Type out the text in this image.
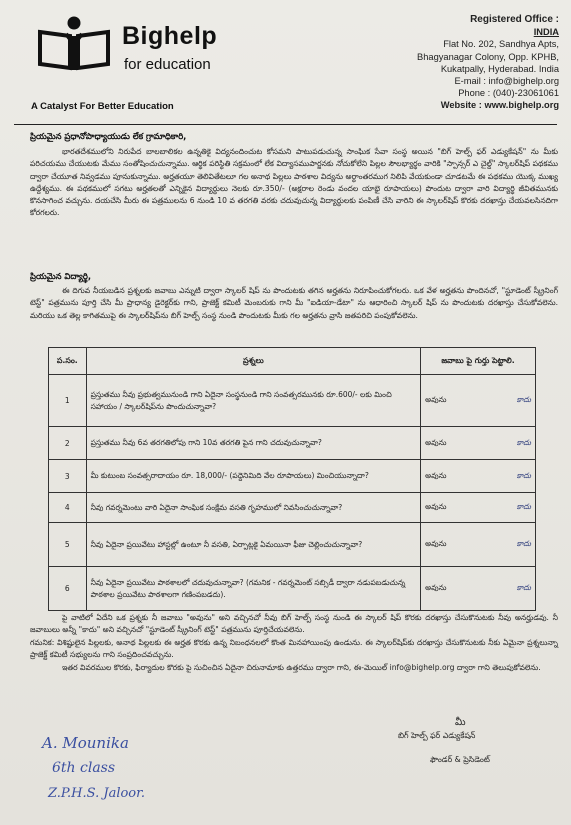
Bighelp
for education
A Catalyst For Better Education
Registered Office :
INDIA
Flat No. 202, Sandhya Apts,
Bhagyanagar Colony, Opp. KPHB,
Kukatpally, Hyderabad. India
E-mail : info@bighelp.org
Phone : (040)-23061061
Website : www.bighelp.org
ప్రియమైన ప్రధానోపాధ్యాయుడు లేక గ్రామాధికారి,
భారతదేశములోని నిరుపేద బాలబాలికల ఉన్నతికై విద్యనందించుట కోసమని పాటుపడుచున్న సాంఘిక సేవా సంస్థ అయిన "బిగ్ హెల్ప్ ఫర్ ఎడ్యుకేషన్" ను మీకు పరిచయము చేయుటకు మేము సంతోషించుచున్నాము. ఆర్థిక పరిస్థితి సక్రమంలో లేక విద్యాసముపార్జనకు నోచుకోలేని పిల్లల సౌలభ్యార్థం వారికి "స్పాన్సర్ ఎ చైల్డ్" స్కాలర్‌షిప్ పథకము ద్వారా చేయూత నివ్వడము పూనుకున్నాము. అర్హతయూ తెలివితేటలూ గల అనాథ పిల్లలు పాఠశాల విద్యను అర్థాంతరముగ నిలిపి వేయకుండా చూడటమే ఈ పథకము యొక్క ముఖ్య ఉద్దేశ్యము. ఈ పథకములో సగటు అర్హతలతో ఎన్నికైన విద్యార్థులు నెలకు రూ.350/- (అక్షరాల రెండు వందల యాభై రూపాయలు) పొందుట ద్వారా వారి విద్యార్థి జీవితమునకు కొనసాగించ వచ్చును. దయచేసి మీరు ఈ పత్రములను 6 నుండి 10 వ తరగతి వరకు చదువుచున్న విద్యార్థులకు పంపిణీ చేసి వారిని ఈ స్కాలర్‌షిప్ కొరకు దరఖాస్తు చేయవలసినదిగా కోరగలరు.
ప్రియమైన విద్యార్థి,
ఈ దిగువ నీయబడిన ప్రశ్నలకు జవాబు ఎన్నుటి ద్వారా స్కాలర్ షిప్ ను పొందుటకు తగిన అర్హతను నిరూపించుకోగలరు. ఒక వేళ అర్హతను పొందినచో, "స్టూడెంట్ స్క్రీనింగ్ టెస్ట్" పత్రమును పూర్తి చేసి మీ ప్రాధాన్య డైరెక్టర్‌కు గాని, ప్రాజెక్ట్ కమిటీ మెంబరుకు గాని మీ "ఐడియా-డేటా" ను ఆధారించి స్కాలర్ షిప్ ను పొందుటకు దరఖాస్తు చేసుకోవలెను. మరియు ఒక తెల్ల కాగితముపై ఈ స్కాలర్‌షిప్‌ను బిగ్ హెల్ప్ సంస్థ నుండి పొందుటకు మీకు గల అర్హతను వ్రాసి జతపరిచి పంపుకోవలెను.
ప.సం.	ప్రశ్నలు	జవాబు పై గుర్తు పెట్టాలి.
1	ప్రస్తుతము నీవు ప్రభుత్వమునుండి గాని ఏదైనా సంస్థనుండి గాని సంవత్సరమునకు రూ.600/- లకు మించి సహాయం / స్కాలర్‌షిప్‌ను పొందుచున్నావా?	అవును కాదు

2	ప్రస్తుతము నీవు 6వ తరగతిలోపు గాని 10వ తరగతి పైన గాని చదువుచున్నావా?	అవును కాదు

3	మీ కుటుంబ సంవత్సరాదాయం రూ. 18,000/- (పద్దెనిమిది వేల రూపాయలు) మించియున్నాదా?	అవును కాదు

4	నీవు గవర్నమెంటు వారి ఏదైనా సాంఘిక సంక్షేమ వసతి గృహములో నివసించుచున్నావా?	అవును కాదు

5	నీవు ఏదైనా ప్రయివేటు హాస్టల్లో ఉంటూ నీ వసతి, ఏర్పాట్లకై ఏమయినా ఫీజు చెల్లించుచున్నావా?	అవును కాదు

6	నీవు ఏదైనా ప్రయివేటు పాఠశాలలో చదువుచున్నావా? (గమనిక - గవర్నమెంట్ సబ్సిడీ ద్వారా నడుపబడుచున్న పాఠశాల ప్రయివేటు పాఠశాలగా గణింపబడదు).	అవును కాదు
పై వాటిలో ఏదేని ఒక ప్రశ్నకు నీ జవాబు "అవును" అని వచ్చినచో నీవు బిగ్ హెల్ప్ సంస్థ నుండి ఈ స్కాలర్ షిప్ కొరకు దరఖాస్తు చేసుకొనుటకు నీవు అనర్హుడవు. నీ జవాబులు అన్నీ "కాదు" అని వచ్చినచో "స్టూడెంట్ స్క్రీనింగ్ టెస్ట్" పత్రమును పూర్తిచేయవలెను.
గమనిక: విశిష్టులైన పిల్లలకు, అనాథ పిల్లలకు ఈ అర్హత కొరకు ఉన్న నిబంధనలలో కొంత మినహాయింపు ఉండును. ఈ స్కాలర్‌షిప్‌కు దరఖాస్తు చేసుకొనుటకు నీకు ఏమైనా ప్రశ్నలున్నా ప్రాజెక్ట్ కమిటీ సభ్యులను గాని సంప్రదించవచ్చును.
ఇతర వివరముల కొరకు, ఫిర్యాదుల కొరకు పై సుచించిన ఏదైనా చిరునామాకు ఉత్తరము ద్వారా గాని, ఈ-మెయిల్ info@bighelp.org ద్వారా గాని తెలుపుకోవలెను.
మీ
బిగ్ హెల్ప్ ఫర్ ఎడ్యుకేషన్
ఫౌండర్ & ప్రెసిడెంట్
A. Mounika
6th class
Z.P.H.S. Jaloor.
